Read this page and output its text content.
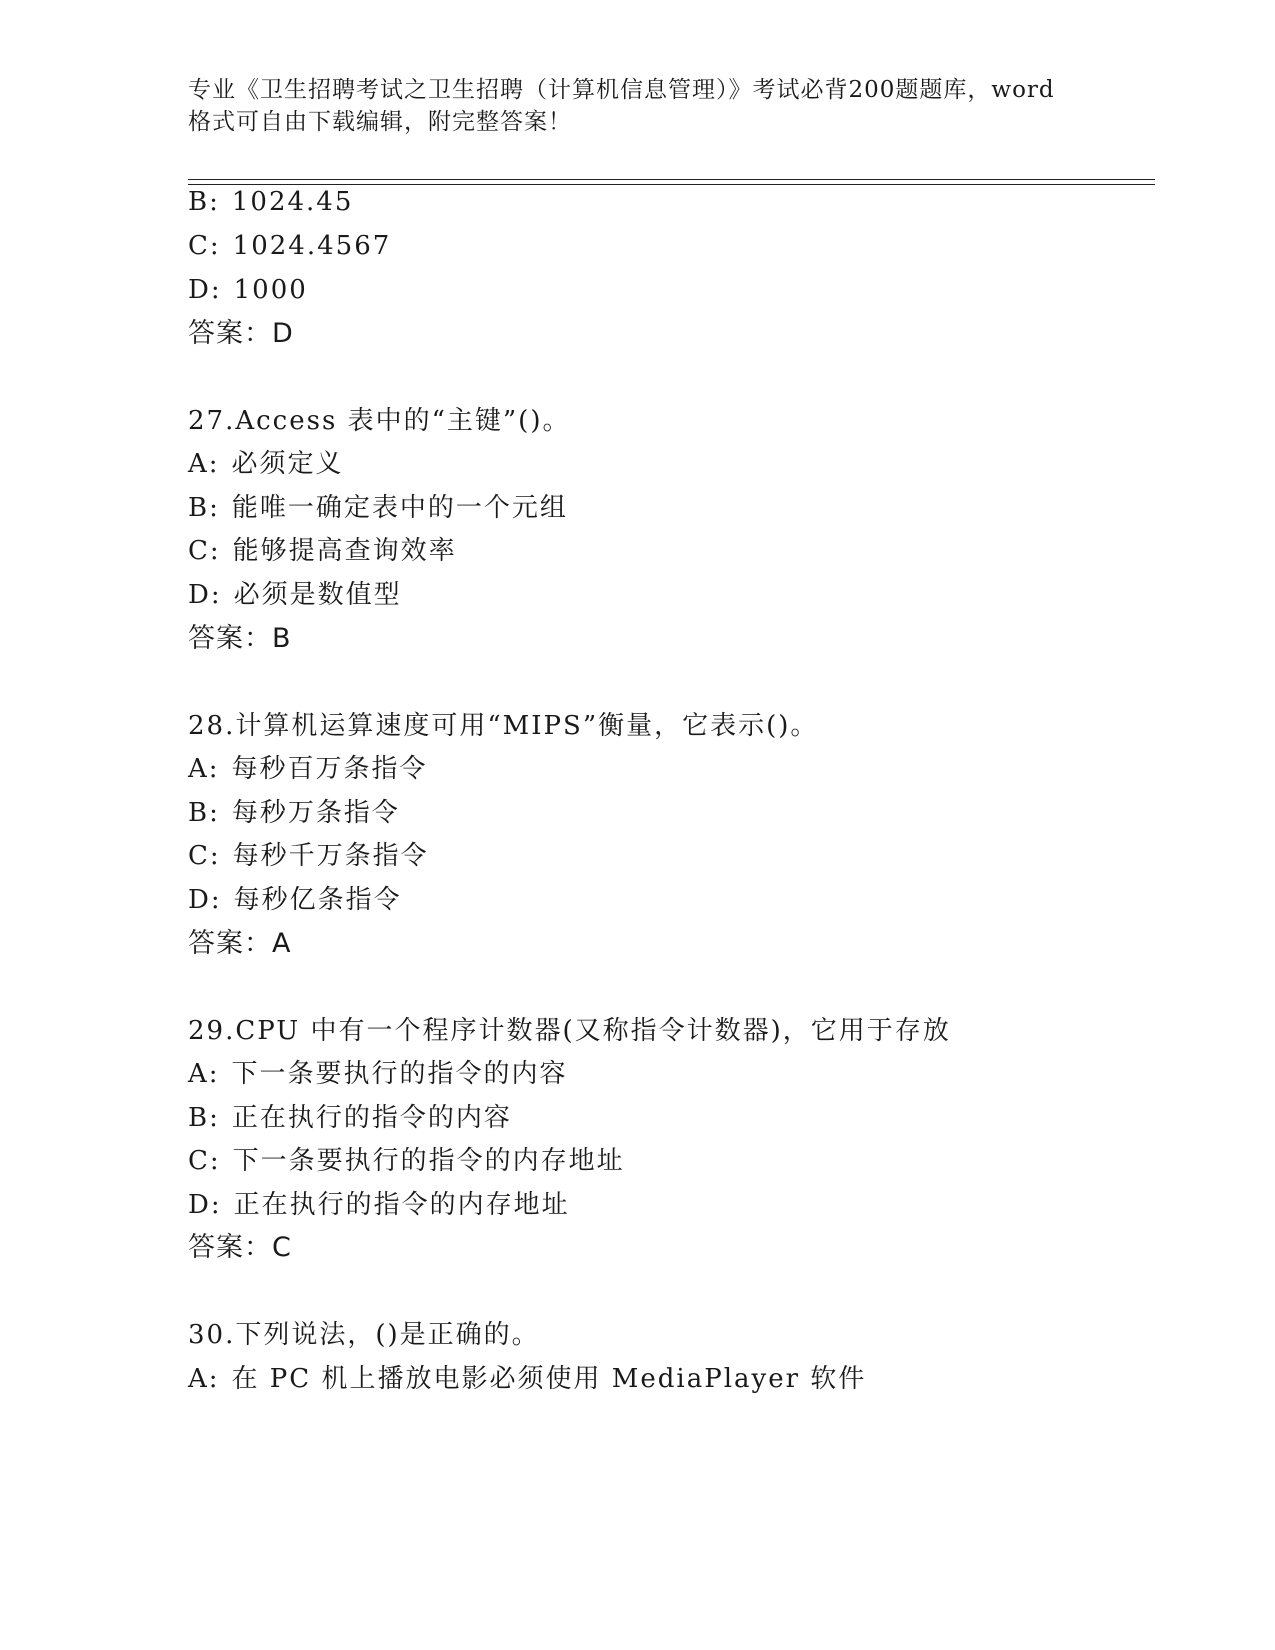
专业《卫生招聘考试之卫生招聘（计算机信息管理）》考试必背200题题库，word
格式可自由下载编辑，附完整答案！
B: 1024.45
C: 1024.4567
D: 1000
答案：D
27.Access 表中的“主键”()。
A: 必须定义
B: 能唯一确定表中的一个元组
C: 能够提高查询效率
D: 必须是数值型
答案：B
28.计算机运算速度可用“MIPS”衡量，它表示()。
A: 每秒百万条指令
B: 每秒万条指令
C: 每秒千万条指令
D: 每秒亿条指令
答案：A
29.CPU 中有一个程序计数器(又称指令计数器)，它用于存放
A: 下一条要执行的指令的内容
B: 正在执行的指令的内容
C: 下一条要执行的指令的内存地址
D: 正在执行的指令的内存地址
答案：C
30.下列说法，()是正确的。
A: 在 PC 机上播放电影必须使用 MediaPlayer 软件
